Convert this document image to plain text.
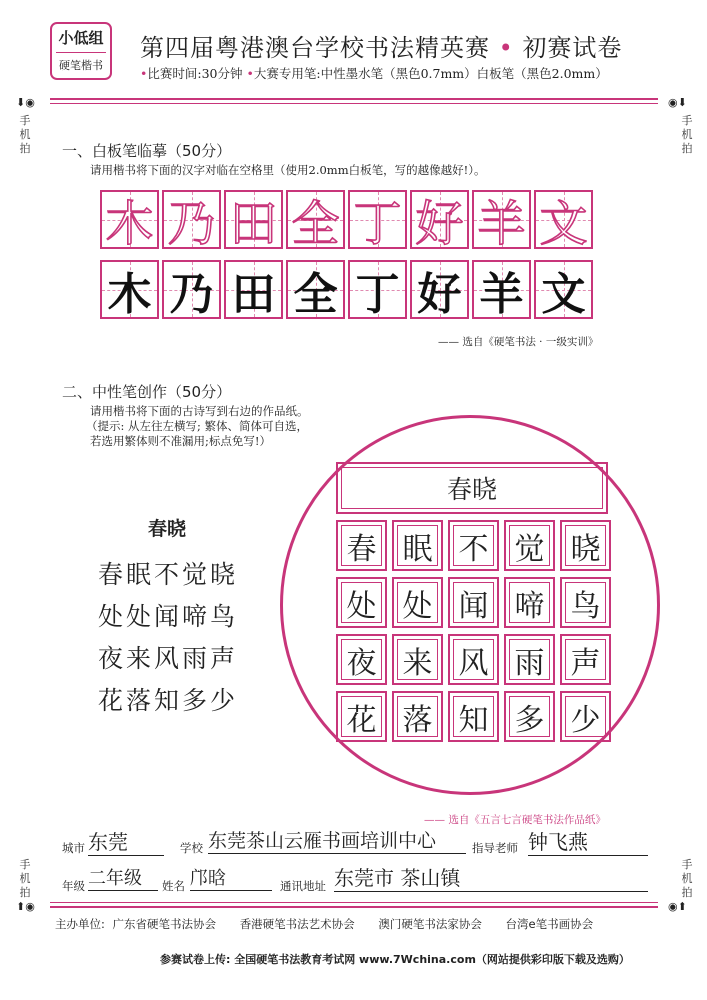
小低组
硬笔楷书
第四届粤港澳台学校书法精英赛 • 初赛试卷
•比赛时间:30分钟 •大赛专用笔:中性墨水笔（黑色0.7mm）白板笔（黑色2.0mm）
⬇◉
手机拍
◉⬇
手机拍
一、白板笔临摹（50分）
请用楷书将下面的汉字对临在空格里（使用2.0mm白板笔，写的越像越好!）。
木 乃 田 全 丁 好 羊 文
木 乃 田 全 丁 好 羊 文
—— 选自《硬笔书法 · 一级实训》
二、中性笔创作（50分）
请用楷书将下面的古诗写到右边的作品纸。
（提示: 从左往左横写; 繁体、简体可自选，
若选用繁体则不准漏用;标点免写!）
春晓
春眠不觉晓
处处闻啼鸟
夜来风雨声
花落知多少
春晓
春 眠 不 觉 晓
处 处 闻 啼 鸟
夜 来 风 雨 声
花 落 知 多 少
—— 选自《五言七言硬笔书法作品纸》
城市 东莞	学校 东莞茶山云雁书画培训中心	指导老师 钟飞燕
年级 二年级	姓名 邝晗	通讯地址 东莞市 茶山镇
手机拍
⬆◉
手机拍
◉⬆
主办单位: 广东省硬笔书法协会 香港硬笔书法艺术协会 澳门硬笔书法家协会 台湾e笔书画协会
参赛试卷上传: 全国硬笔书法教育考试网 www.7Wchina.com（网站提供彩印版下载及选购）
